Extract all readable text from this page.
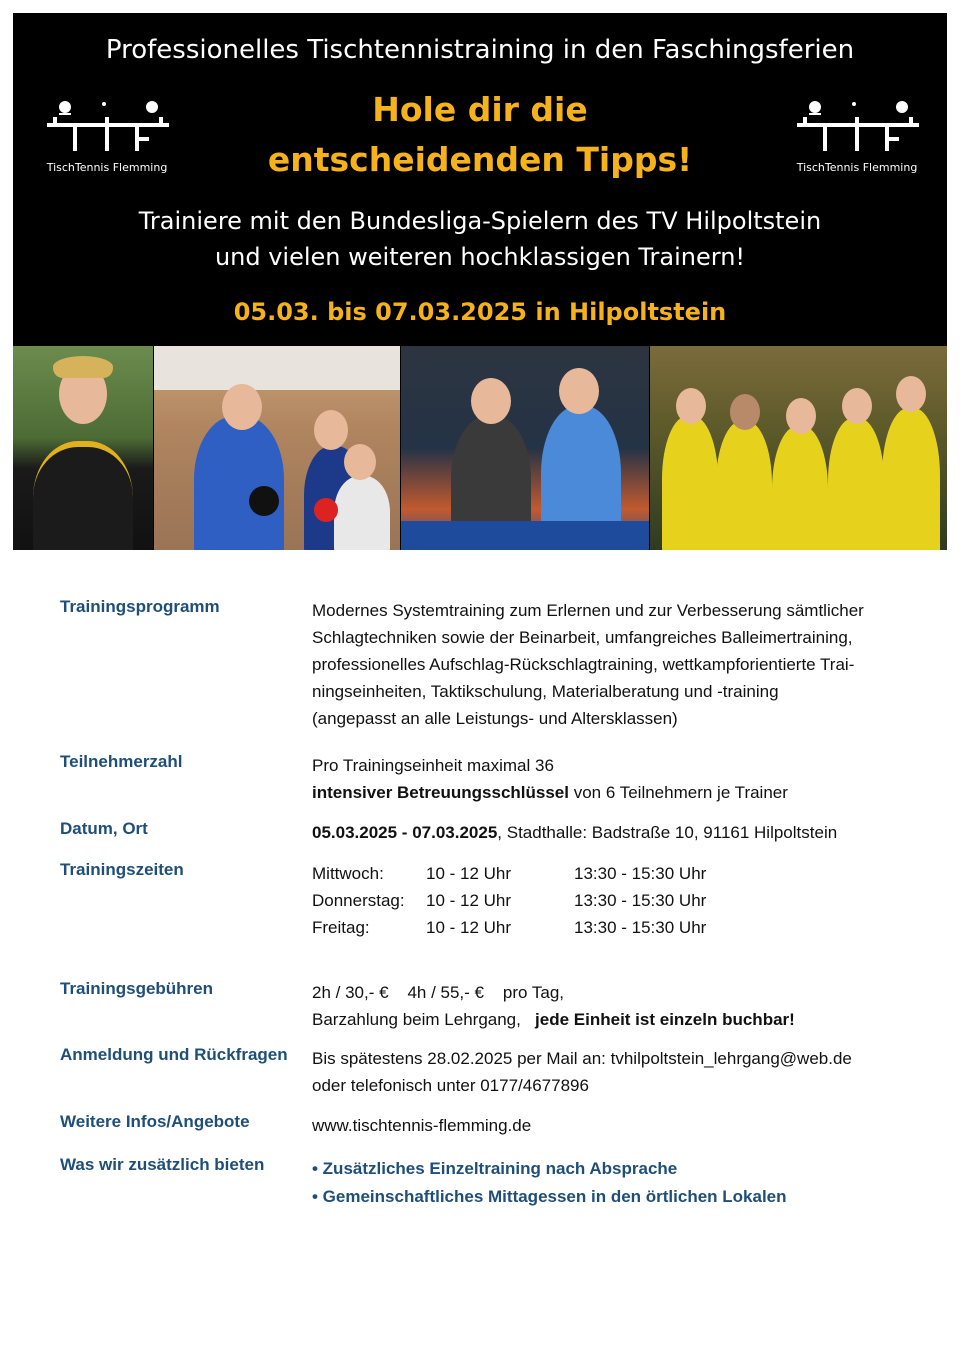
Professionelles Tischtennistraining in den Faschingsferien
TischTennis Flemming	TischTennis Flemming
Hole dir die
entscheidenden Tipps!
Trainiere mit den Bundesliga-Spielern des TV Hilpoltstein
und vielen weiteren hochklassigen Trainern!
05.03. bis 07.03.2025 in Hilpoltstein
Trainingsprogramm	Modernes Systemtraining zum Erlernen und zur Verbesserung sämtlicher

Schlagtechniken sowie der Beinarbeit, umfangreiches Balleimertraining,

professionelles Aufschlag-Rückschlagtraining, wettkampforientierte Trai-

ningseinheiten, Taktikschulung, Materialberatung und -training

(angepasst an alle Leistungs- und Altersklassen)

Teilnehmerzahl	Pro Trainingseinheit maximal 36

intensiver Betreuungsschlüssel von 6 Teilnehmern je Trainer

Datum, Ort	05.03.2025 - 07.03.2025, Stadthalle: Badstraße 10, 91161 Hilpoltstein

Trainingszeiten	Mittwoch: 10 - 12 Uhr	13:30 - 15:30 Uhr

Donnerstag: 10 - 12 Uhr	13:30 - 15:30 Uhr

Freitag:	10 - 12 Uhr	13:30 - 15:30 Uhr

Trainingsgebühren	2h / 30,- €    4h / 55,- €    pro Tag,

Barzahlung beim Lehrgang,   jede Einheit ist einzeln buchbar!

Anmeldung und Rückfragen	Bis spätestens 28.02.2025 per Mail an: tvhilpoltstein_lehrgang@web.de

oder telefonisch unter 0177/4677896

Weitere Infos/Angebote	www.tischtennis-flemming.de

Was wir zusätzlich bieten	• Zusätzliches Einzeltraining nach Absprache

• Gemeinschaftliches Mittagessen in den örtlichen Lokalen
